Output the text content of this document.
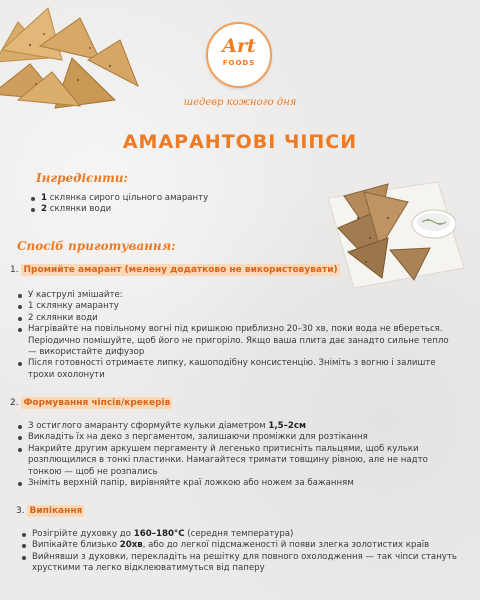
Art
FOODS
шедевр кожного дня
АМАРАНТОВІ ЧІПСИ
Інгредієнти:
1 склянка сирого цільного амаранту
2 склянки води
Спосіб приготування:
1. Промийте амарант (мелену додатково не використовувати)
У каструлі змішайте:
1 склянку амаранту
2 склянки води
Нагрівайте на повільному вогні під кришкою приблизно 20–30 хв, поки вода не вбереться. Періодично помішуйте, щоб його не пригоріло. Якщо ваша плита дає занадто сильне тепло — використайте дифузор
Після готовності отримаєте липку, кашоподібну консистенцію. Зніміть з вогню і залиште трохи охолонути
2. Формування чіпсів/крекерів
З остиглого амаранту сформуйте кульки діаметром 1,5–2см
Викладіть їх на деко з пергаментом, залишаючи проміжки для розтікання
Накрийте другим аркушем пергаменту й легенько притисніть пальцями, щоб кульки розплющилися в тонкі пластинки. Намагайтеся тримати товщину рівною, але не надто тонкою — щоб не розпались
Зніміть верхній папір, вирівняйте краї ложкою або ножем за бажанням
3. Випікання
Розігрійте духовку до 160–180°C (середня температура)
Випікайте близько 20хв, або до легкої підсмаженості й появи злегка золотистих країв
Вийнявши з духовки, перекладіть на решітку для повного охолодження — так чіпси стануть хрусткими та легко відклеюватимуться від паперу
